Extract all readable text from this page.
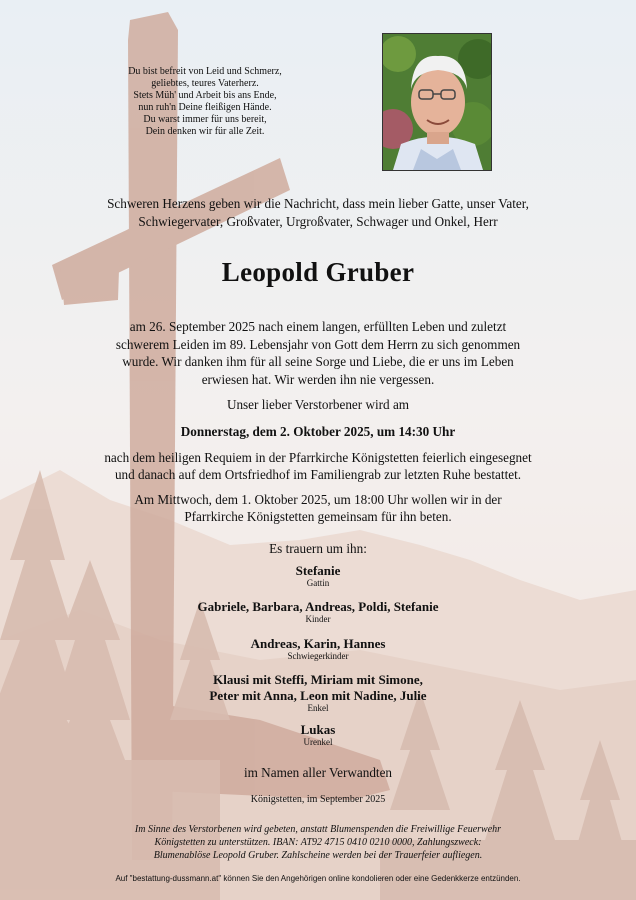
Du bist befreit von Leid und Schmerz,
geliebtes, teures Vaterherz.
Stets Müh' und Arbeit bis ans Ende,
nun ruh'n Deine fleißigen Hände.
Du warst immer für uns bereit,
Dein denken wir für alle Zeit.
Schweren Herzens geben wir die Nachricht, dass mein lieber Gatte, unser Vater,
Schwiegervater, Großvater, Urgroßvater, Schwager und Onkel, Herr
Leopold Gruber
am 26. September 2025 nach einem langen, erfüllten Leben und zuletzt
schwerem Leiden im 89. Lebensjahr von Gott dem Herrn zu sich genommen
wurde. Wir danken ihm für all seine Sorge und Liebe, die er uns im Leben
erwiesen hat. Wir werden ihn nie vergessen.
Unser lieber Verstorbener wird am
Donnerstag, dem 2. Oktober 2025, um 14:30 Uhr
nach dem heiligen Requiem in der Pfarrkirche Königstetten feierlich eingesegnet
und danach auf dem Ortsfriedhof im Familiengrab zur letzten Ruhe bestattet.
Am Mittwoch, dem 1. Oktober 2025, um 18:00 Uhr wollen wir in der
Pfarrkirche Königstetten gemeinsam für ihn beten.
Es trauern um ihn:
Stefanie
Gattin
Gabriele, Barbara, Andreas, Poldi, Stefanie
Kinder
Andreas, Karin, Hannes
Schwiegerkinder
Klausi mit Steffi, Miriam mit Simone,
Peter mit Anna, Leon mit Nadine, Julie
Enkel
Lukas
Urenkel
im Namen aller Verwandten
Königstetten, im September 2025
Im Sinne des Verstorbenen wird gebeten, anstatt Blumenspenden die Freiwillige Feuerwehr
Königstetten zu unterstützen. IBAN: AT92 4715 0410 0210 0000, Zahlungszweck:
Blumenablöse Leopold Gruber. Zahlscheine werden bei der Trauerfeier aufliegen.
Auf "bestattung-dussmann.at" können Sie den Angehörigen online kondolieren oder eine Gedenkkerze entzünden.
